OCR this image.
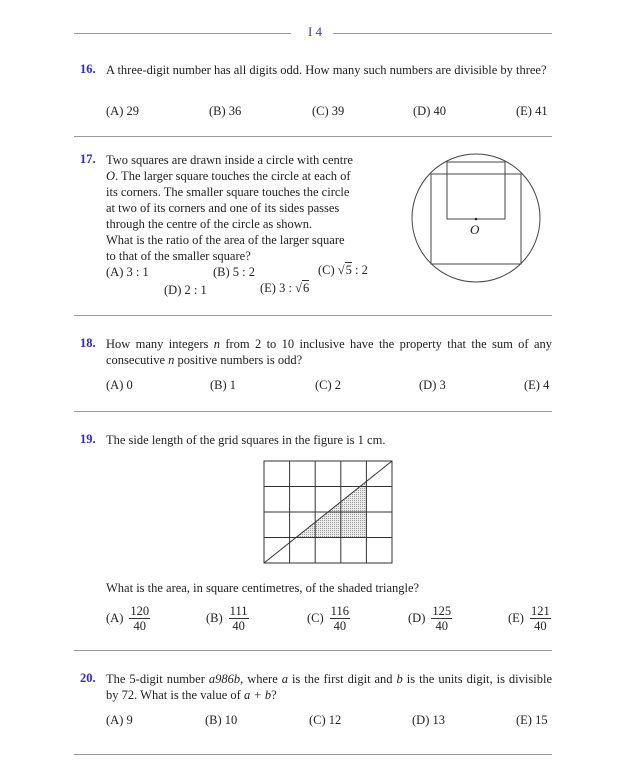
I 4
16. A three-digit number has all digits odd. How many such numbers are divisible by three?
(A) 29	(B) 36	(C) 39	(D) 40	(E) 41
17. Two squares are drawn inside a circle with centre
O. The larger square touches the circle at each of
its corners. The smaller square touches the circle
at two of its corners and one of its sides passes
through the centre of the circle as shown.
What is the ratio of the area of the larger square
to that of the smaller square?
(A) 3 : 1	(B) 5 : 2	(C) √5 : 2
(D) 2 : 1	(E) 3 : √6
O
18. How many integers n from 2 to 10 inclusive have the property that the sum of any consecutive n positive numbers is odd?
(A) 0	(B) 1	(C) 2	(D) 3	(E) 4
19. The side length of the grid squares in the figure is 1 cm.
What is the area, in square centimetres, of the shaded triangle?
$(A) \frac{120}{40}$	$(B) \frac{111}{40}$	$(C) \frac{116}{40}$	$(D) \frac{125}{40}$	$(E) \frac{121}{40}$
20. The 5-digit number a986b, where a is the first digit and b is the units digit, is divisible by 72. What is the value of a + b?
(A) 9	(B) 10	(C) 12	(D) 13	(E) 15
